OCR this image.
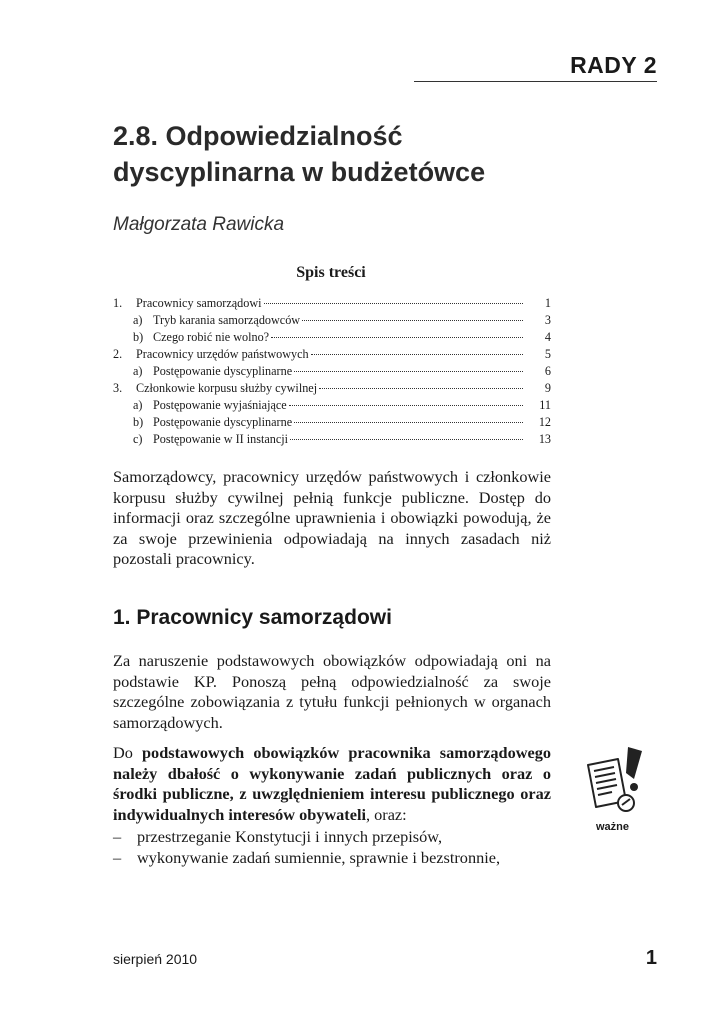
RADY 2
2.8. Odpowiedzialność dyscyplinarna w budżetówce
Małgorzata Rawicka
Spis treści
1.	Pracownicy samorządowi	1
a) Tryb karania samorządowców	3
b) Czego robić nie wolno?	4
2.	Pracownicy urzędów państwowych	5
a) Postępowanie dyscyplinarne	6
3.	Członkowie korpusu służby cywilnej	9
a) Postępowanie wyjaśniające	11
b) Postępowanie dyscyplinarne	12
c) Postępowanie w II instancji	13

Samorządowcy, pracownicy urzędów państwowych i członkowie korpusu służby cywilnej pełnią funkcje publiczne. Dostęp do informacji oraz szczególne uprawnienia i obowiązki powodują, że za swoje przewinienia odpowiadają na innych zasadach niż pozostali pracownicy.

1. Pracownicy samorządowi

Za naruszenie podstawowych obowiązków odpowiadają oni na podstawie KP. Ponoszą pełną odpowiedzialność za swoje szczególne zobowiązania z tytułu funkcji pełnionych w organach samorządowych.

Do podstawowych obowiązków pracownika samorządowego należy dbałość o wykonywanie zadań publicznych oraz o środki publiczne, z uwzględnieniem interesu publicznego oraz indywidualnych interesów obywateli, oraz:

– przestrzeganie Konstytucji i innych przepisów,
– wykonywanie zadań sumiennie, sprawnie i bezstronnie,
ważne
sierpień 2010	1
